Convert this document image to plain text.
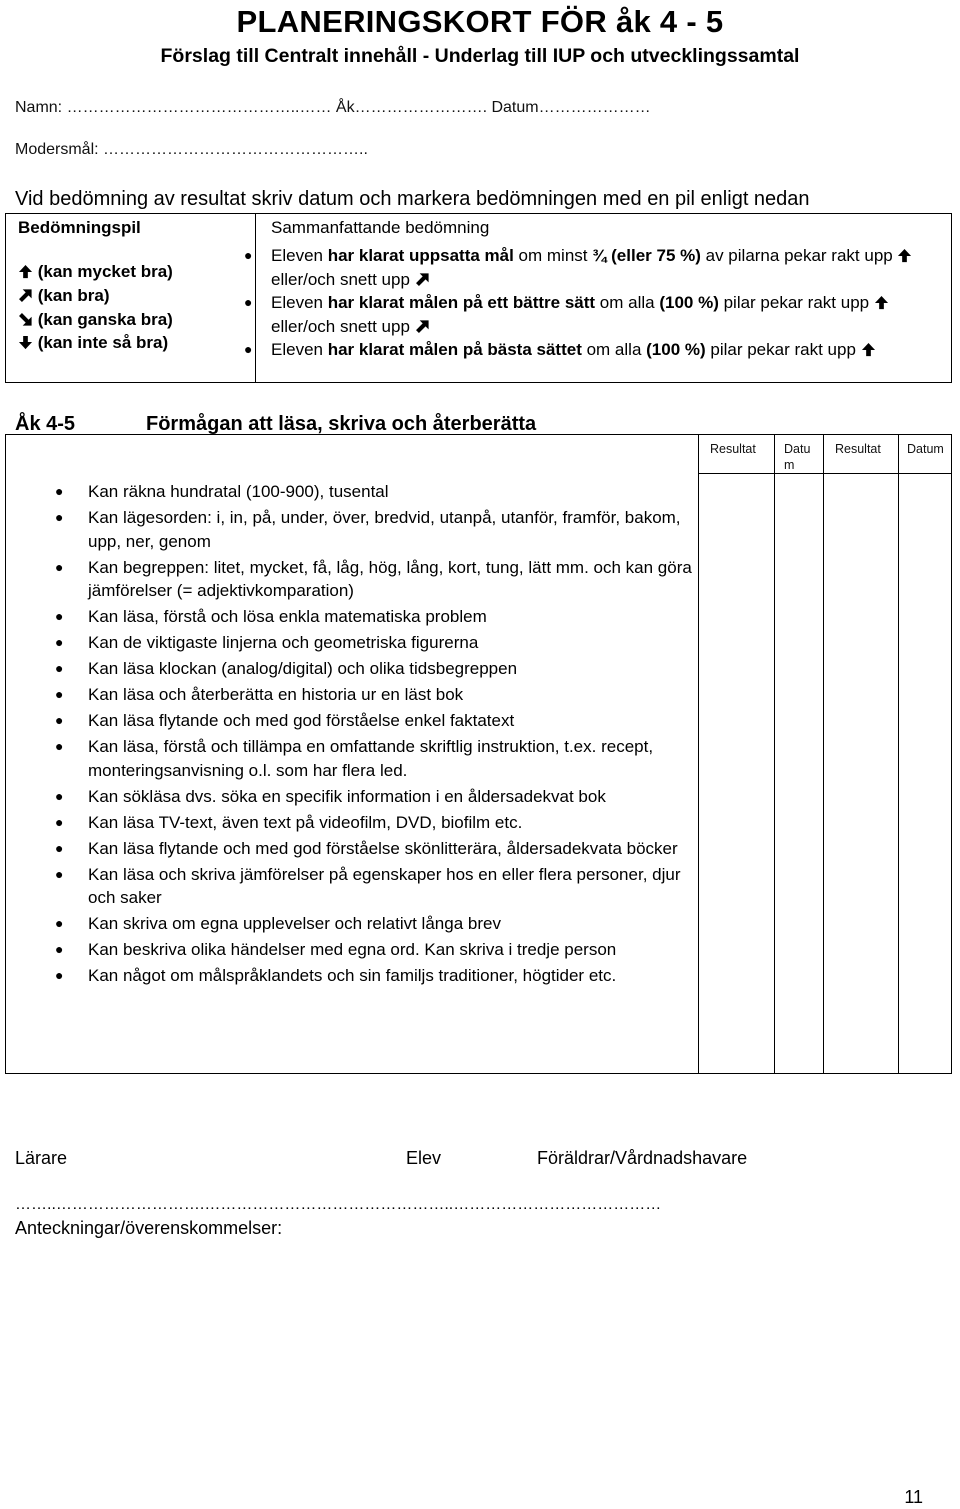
PLANERINGSKORT FÖR åk 4 - 5
Förslag till Centralt innehåll - Underlag till IUP och utvecklingssamtal
Namn: ……………………………………..…… Åk……………………. Datum…………………
Modersmål: …………………………………………..
Vid bedömning av resultat skriv datum och markera bedömningen med en pil enligt nedan
Bedömningspil	Sammanfattande bedömning
(kan mycket bra)
(kan bra)
(kan ganska bra)
(kan inte så bra)
● Eleven har klarat uppsatta mål om minst ¾ (eller 75 %) av pilarna pekar rakt upp  eller/och snett upp
● Eleven har klarat målen på ett bättre sätt om alla (100 %) pilar pekar rakt upp  eller/och snett upp
● Eleven har klarat målen på bästa sättet om alla (100 %) pilar pekar rakt upp
Åk 4-5	Förmågan att läsa, skriva och återberätta
Resultat Datu m
Resultat Datum
● Kan räkna hundratal (100-900), tusental
● Kan lägesorden: i, in, på, under, över, bredvid, utanpå, utanför, framför, bakom, upp, ner, genom
● Kan begreppen: litet, mycket, få, låg, hög, lång, kort, tung, lätt mm. och kan göra jämförelser (= adjektivkomparation)
● Kan läsa, förstå och lösa enkla matematiska problem
● Kan de viktigaste linjerna och geometriska figurerna
● Kan läsa klockan (analog/digital) och olika tidsbegreppen
● Kan läsa och återberätta en historia ur en läst bok
● Kan läsa flytande och med god förståelse enkel faktatext
● Kan läsa, förstå och tillämpa en omfattande skriftlig instruktion, t.ex. recept, monteringsanvisning o.l. som har flera led.
● Kan sökläsa dvs. söka en specifik information i en åldersadekvat bok
● Kan läsa TV-text, även text på videofilm, DVD, biofilm etc.
● Kan läsa flytande och med god förståelse skönlitterära, åldersadekvata böcker
● Kan läsa och skriva jämförelser på egenskaper hos en eller flera personer, djur och saker
● Kan skriva om egna upplevelser och relativt långa brev
● Kan beskriva olika händelser med egna ord. Kan skriva i tredje person
● Kan något om målspråklandets och sin familjs traditioner, högtider etc.
Lärare	Elev	Föräldrar/Vårdnadshavare
……..……………………….………………………………………..…………………………………
Anteckningar/överenskommelser:
11
